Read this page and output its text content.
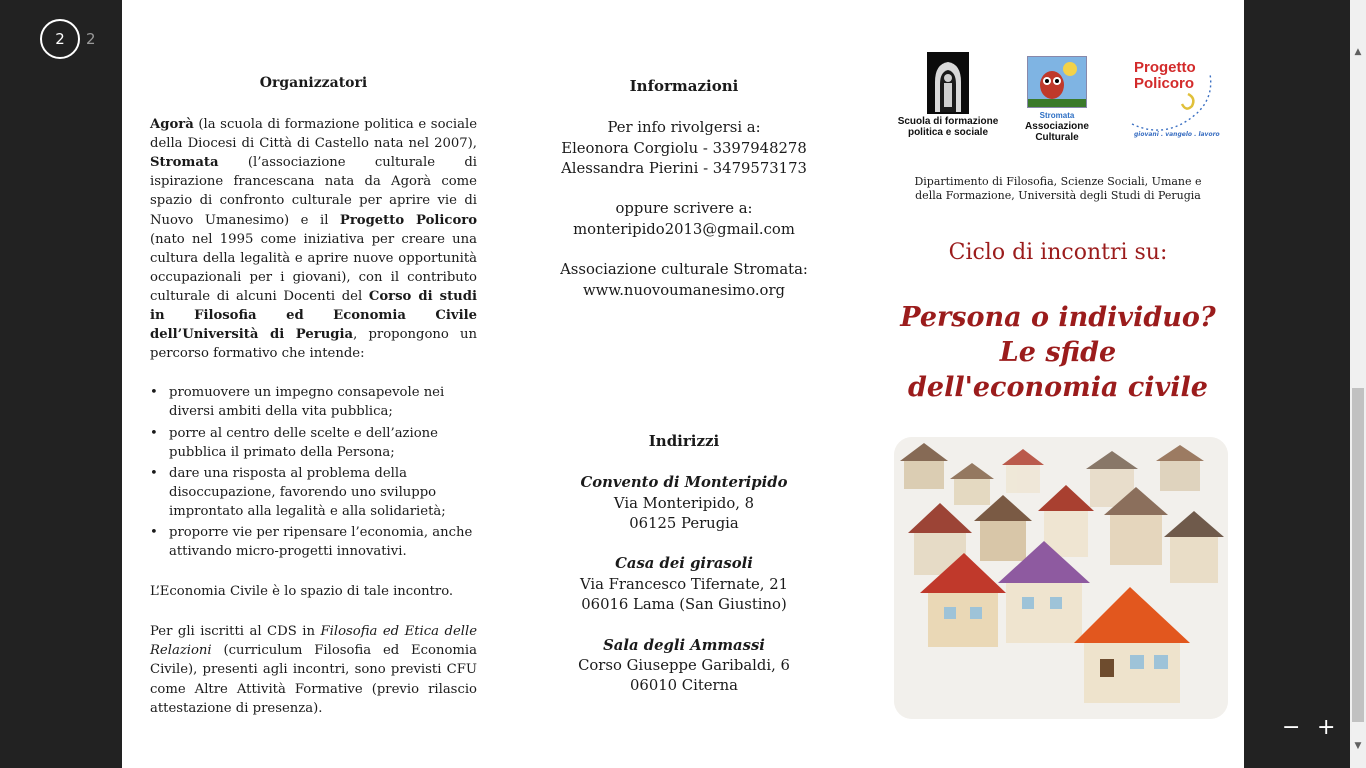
2	2
Organizzatori

Agorà (la scuola di formazione politica e sociale della Diocesi di Città di Castello nata nel 2007), Stromata (l’associazione culturale di ispirazione francescana nata da Agorà come spazio di confronto culturale per aprire vie di Nuovo Umanesimo) e il Progetto Policoro (nato nel 1995 come iniziativa per creare una cultura della legalità e aprire nuove opportunità occupazionali per i giovani), con il contributo culturale di alcuni Docenti del Corso di studi in Filosofia ed Economia Civile dell’Università di Perugia, propongono un percorso formativo che intende:

• promuovere un impegno consapevole nei diversi ambiti della vita pubblica;
• porre al centro delle scelte e dell’azione pubblica il primato della Persona;
• dare una risposta al problema della disoccupazione, favorendo uno sviluppo improntato alla legalità e alla solidarietà;
• proporre vie per ripensare l’economia, anche attivando micro-progetti innovativi.

L’Economia Civile è lo spazio di tale incontro.

Per gli iscritti al CDS in Filosofia ed Etica delle Relazioni (curriculum Filosofia ed Economia Civile), presenti agli incontri, sono previsti CFU come Altre Attività Formative (previo rilascio attestazione di presenza).

Informazioni
Per info rivolgersi a:
Eleonora Corgiolu - 3397948278
Alessandra Pierini - 3479573173
oppure scrivere a:
monteripido2013@gmail.com
Associazione culturale Stromata:
www.nuovoumanesimo.org
Indirizzi
Convento di Monteripido
Via Monteripido, 8
06125 Perugia
Casa dei girasoli
Via Francesco Tifernate, 21
06016 Lama (San Giustino)
Sala degli Ammassi
Corso Giuseppe Garibaldi, 6
06010 Citerna
Scuola di formazione
politica e sociale
Stromata
Associazione
Culturale
Progetto
Policoro
giovani . vangelo . lavoro
Dipartimento di Filosofia, Scienze Sociali, Umane e
della Formazione, Università degli Studi di Perugia
Ciclo di incontri su:
Persona o individuo?
Le sfide
dell'economia civile
− +
▲
▼
